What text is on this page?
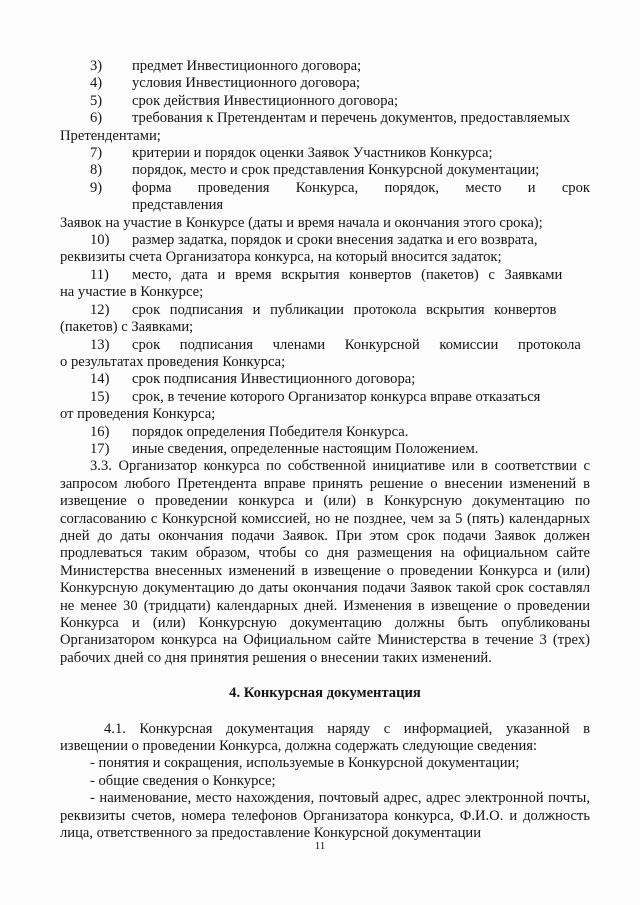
3)	предмет Инвестиционного договора;
4)	условия Инвестиционного договора;
5)	срок действия Инвестиционного договора;
6)	требования к Претендентам и перечень документов, предоставляемых
Претендентами;
7)	критерии и порядок оценки Заявок Участников Конкурса;
8)	порядок, место и срок представления Конкурсной документации;
9)	форма проведения Конкурса, порядок, место и срок представления
Заявок на участие в Конкурсе (даты и время начала и окончания этого срока);
10)	размер задатка, порядок и сроки внесения задатка и его возврата,
реквизиты счета Организатора конкурса, на который вносится задаток;
11)	место, дата и время вскрытия конвертов (пакетов) с Заявками
на участие в Конкурсе;
12)	срок подписания и публикации протокола вскрытия конвертов
(пакетов) с Заявками;
13)	срок подписания членами Конкурсной комиссии протокола
о результатах проведения Конкурса;
14)	срок подписания Инвестиционного договора;
15)	срок, в течение которого Организатор конкурса вправе отказаться
от проведения Конкурса;
16)	порядок определения Победителя Конкурса.
17)	иные сведения, определенные настоящим Положением.
3.3. Организатор конкурса по собственной инициативе или в соответствии с запросом любого Претендента вправе принять решение о внесении изменений в извещение о проведении конкурса и (или) в Конкурсную документацию по согласованию с Конкурсной комиссией, но не позднее, чем за 5 (пять) календарных дней до даты окончания подачи Заявок. При этом срок подачи Заявок должен продлеваться таким образом, чтобы со дня размещения на официальном сайте Министерства внесенных изменений в извещение о проведении Конкурса и (или) Конкурсную документацию до даты окончания подачи Заявок такой срок составлял не менее 30 (тридцати) календарных дней. Изменения в извещение о проведении Конкурса и (или) Конкурсную документацию должны быть опубликованы Организатором конкурса на Официальном сайте Министерства в течение 3 (трех) рабочих дней со дня принятия решения о внесении таких изменений.
4. Конкурсная документация
4.1. Конкурсная документация наряду с информацией, указанной в извещении о проведении Конкурса, должна содержать следующие сведения:
- понятия и сокращения, используемые в Конкурсной документации;
- общие сведения о Конкурсе;
- наименование, место нахождения, почтовый адрес, адрес электронной почты, реквизиты счетов, номера телефонов Организатора конкурса, Ф.И.О. и должность лица, ответственного за предоставление Конкурсной документации
11
